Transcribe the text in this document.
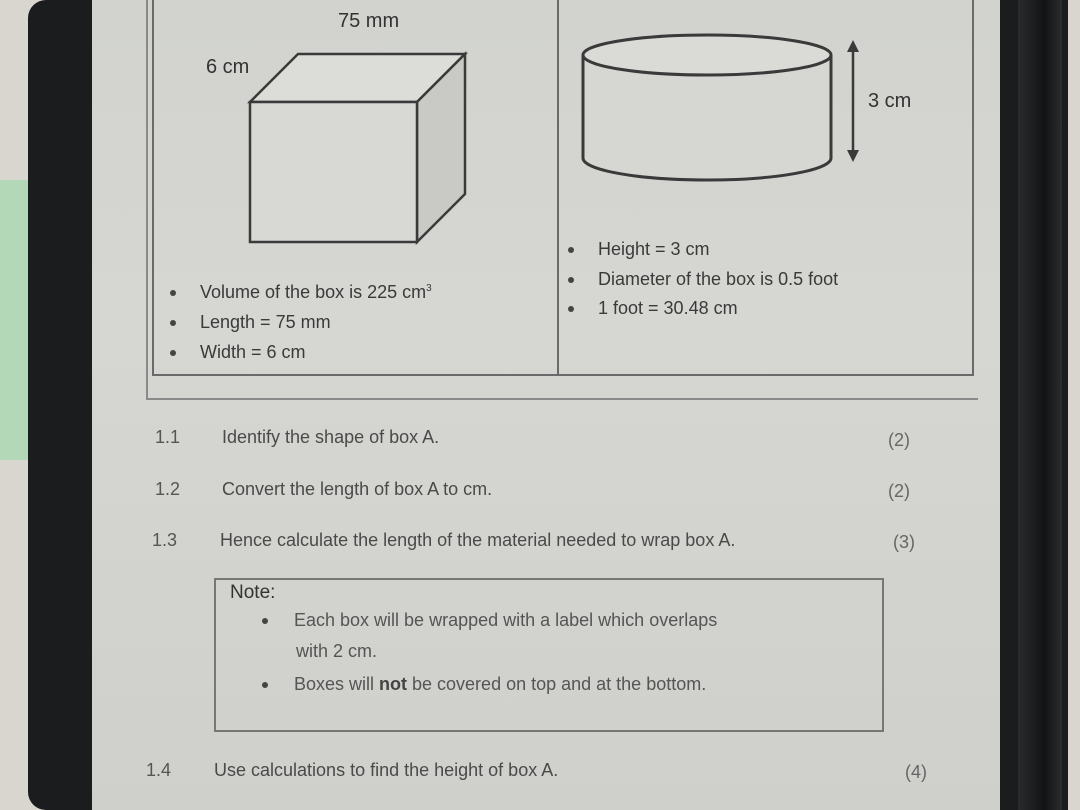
75 mm
6 cm
3 cm
Volume of the box is 225 $cm^3$
Length = 75 mm
Width = 6 cm
Height = 3 cm
Diameter of the box is 0.5 foot
1 foot = 30.48 cm
1.1 Identify the shape of box A.	(2)
1.2 Convert the length of box A to cm.	(2)
1.3 Hence calculate the length of the material needed to wrap box A.	(3)
Note:
Each box will be wrapped with a label which overlaps
with 2 cm.
Boxes will not be covered on top and at the bottom.
1.4 Use calculations to find the height of box A.	(4)
